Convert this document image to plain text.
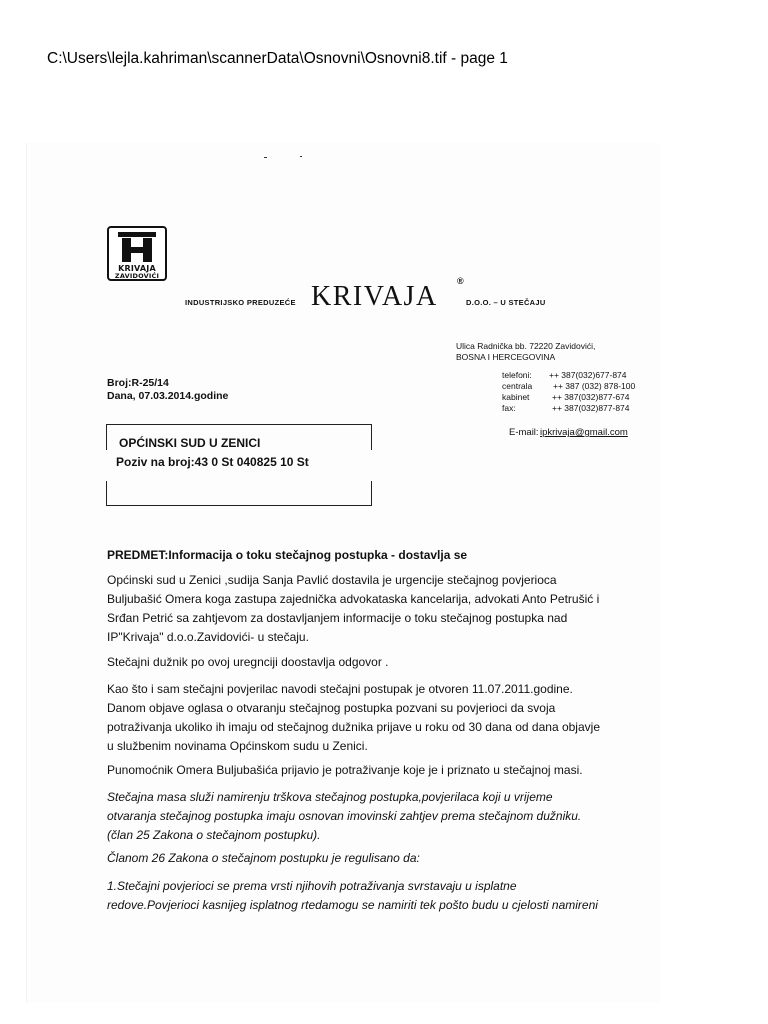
C:\Users\lejla.kahriman\scannerData\Osnovni\Osnovni8.tif - page 1
KRIVAJA
ZAVIDOVIĆI
INDUSTRIJSKO PREDUZEĆE KRIVAJA ®
D.O.O. – U STEČAJU
Ulica Radnička bb. 72220 Zavidovići,
BOSNA I HERCEGOVINA
telefoni: ++ 387(032)677-874
centrala ++ 387 (032) 878-100
kabinet	++ 387(032)877-674
fax:	++ 387(032)877-874
E-mail: ipkrivaja@gmail.com
Broj:R-25/14
Dana, 07.03.2014.godine
OPĆINSKI SUD U ZENICI
Poziv na broj:43 0 St 040825 10 St
PREDMET:Informacija o toku stečajnog postupka - dostavlja se
Općinski sud u Zenici ,sudija Sanja Pavlić dostavila je urgencije stečajnog povjerioca
Buljubašić Omera koga zastupa zajednička advokataska kancelarija, advokati Anto Petrušić i
Srđan Petrić sa zahtjevom za dostavljanjem informacije o toku stečajnog postupka nad
IP"Krivaja" d.o.o.Zavidovići- u stečaju.
Stečajni dužnik po ovoj uregnciji doostavlja odgovor .
Kao što i sam stečajni povjerilac navodi stečajni postupak je otvoren 11.07.2011.godine.
Danom objave oglasa o otvaranju stečajnog postupka pozvani su povjerioci da svoja
potraživanja ukoliko ih imaju od stečajnog dužnika prijave u roku od 30 dana od dana objavje
u službenim novinama Općinskom sudu u Zenici.
Punomoćnik Omera Buljubašića prijavio je potraživanje koje je i priznato u stečajnoj masi.
Stečajna masa služi namirenju trškova stečajnog postupka,povjerilaca koji u vrijeme
otvaranja stečajnog postupka imaju osnovan imovinski zahtjev prema stečajnom dužniku.
(član 25 Zakona o stečajnom postupku).
Članom 26 Zakona o stečajnom postupku je regulisano da:
1.Stečajni povjerioci se prema vrsti njihovih potraživanja svrstavaju u isplatne
redove.Povjerioci kasnijeg isplatnog rtedamogu se namiriti tek pošto budu u cjelosti namireni
